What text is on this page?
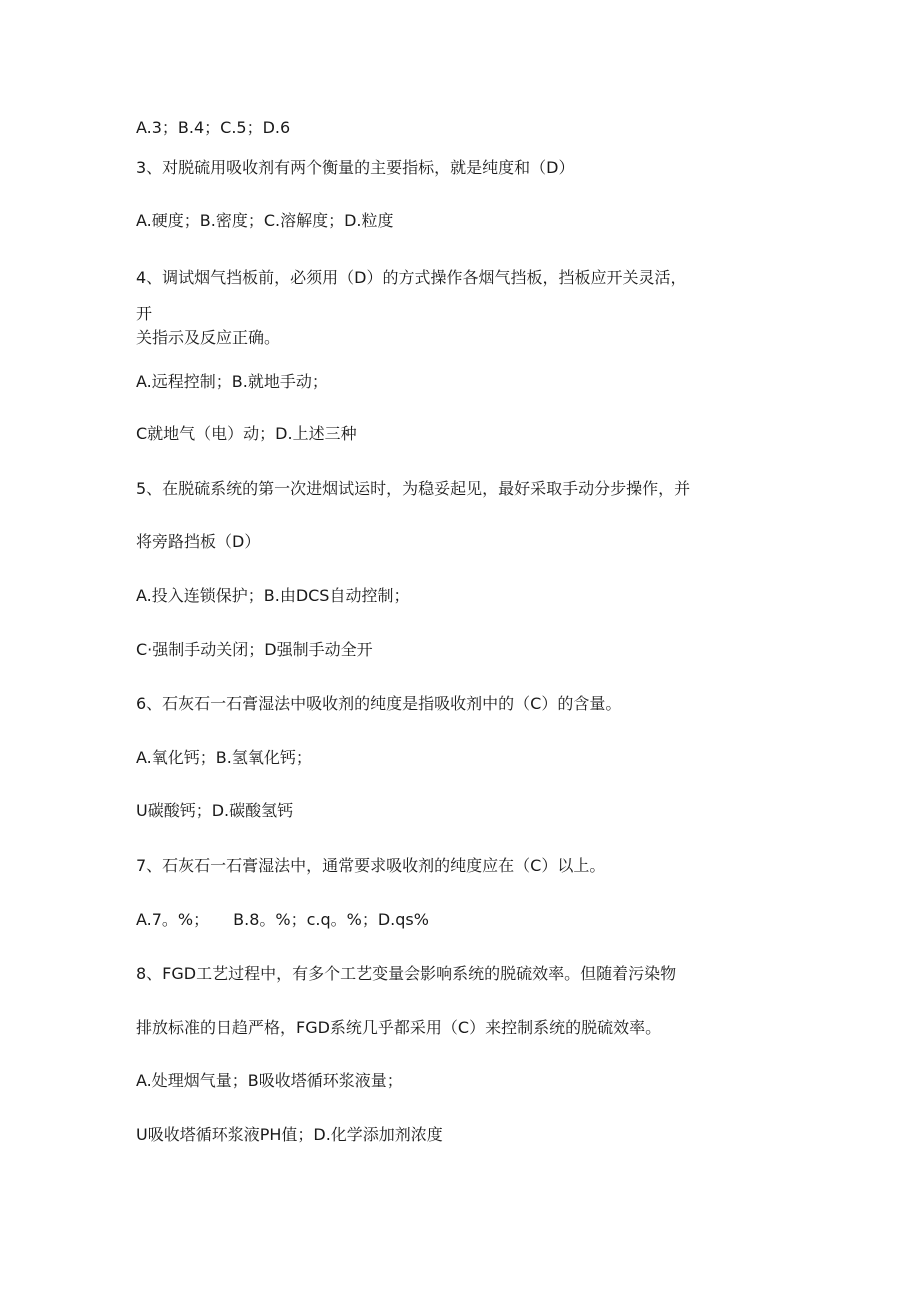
A.3；B.4；C.5；D.6
3、对脱硫用吸收剂有两个衡量的主要指标，就是纯度和（D）
A.硬度；B.密度；C.溶解度；D.粒度
4、调试烟气挡板前，必须用（D）的方式操作各烟气挡板，挡板应开关灵活，
开
关指示及反应正确。
A.远程控制；B.就地手动；
C就地气（电）动；D.上述三种
5、在脱硫系统的第一次进烟试运时，为稳妥起见，最好采取手动分步操作，并
将旁路挡板（D）
A.投入连锁保护；B.由DCS自动控制；
C·强制手动关闭；D强制手动全开
6、石灰石一石膏湿法中吸收剂的纯度是指吸收剂中的（C）的含量。
A.氧化钙；B.氢氧化钙；
U碳酸钙；D.碳酸氢钙
7、石灰石一石膏湿法中，通常要求吸收剂的纯度应在（C）以上。
A.7。%；　　B.8。%；c.q。%；D.qs%
8、FGD工艺过程中，有多个工艺变量会影响系统的脱硫效率。但随着污染物
排放标准的日趋严格，FGD系统几乎都采用（C）来控制系统的脱硫效率。
A.处理烟气量；B吸收塔循环浆液量；
U吸收塔循环浆液PH值；D.化学添加剂浓度
